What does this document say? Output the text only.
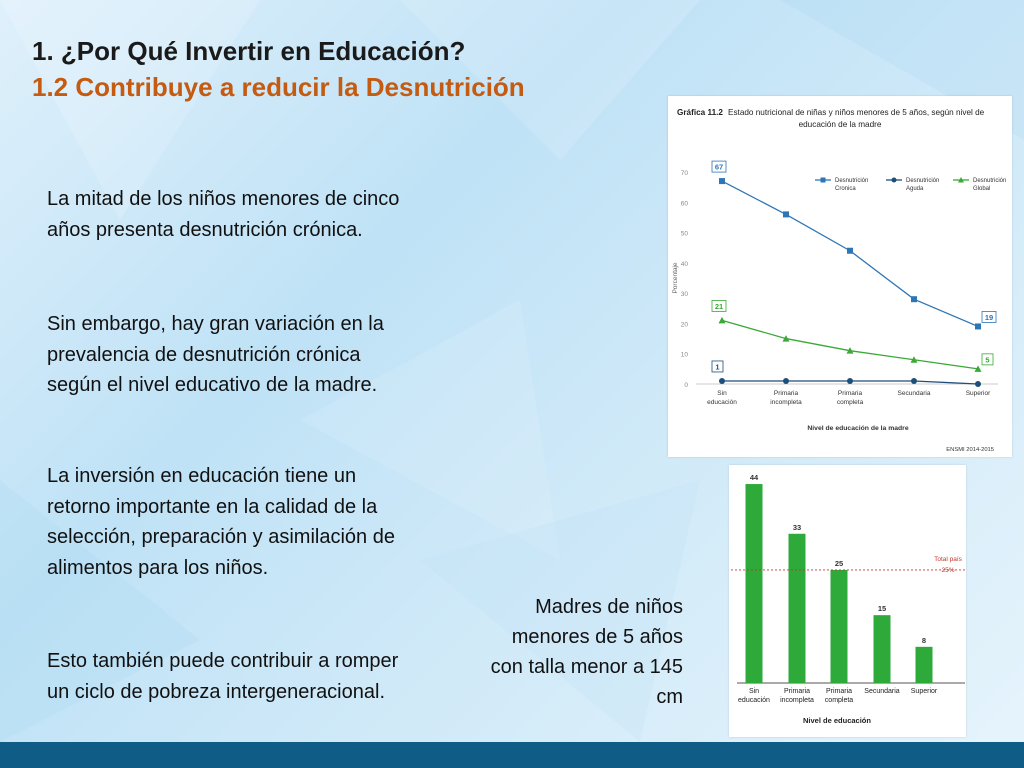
1. ¿Por Qué Invertir en Educación?
1.2 Contribuye a reducir la Desnutrición
La mitad de los niños menores de cinco años presenta desnutrición crónica.
Sin embargo, hay gran variación en la prevalencia de desnutrición crónica según el nivel educativo de la madre.
La inversión en educación tiene un retorno importante en la calidad de la selección, preparación y asimilación de alimentos para los niños.
Esto también puede contribuir a romper un ciclo de pobreza intergeneracional.
Madres de niños menores de 5 años con talla menor a 145 cm
Gráfica 11.2 Estado nutricional de niñas y niños menores de 5 años, según nivel de
educación de la madre
0
10
20
30
40
50
60
70
Porcentaje
67
19
21
5
1
Desnutrición
Cronica
Desnutrición
Aguda
Desnutrición
Global
Sin
educación
Primaria
incompleta
Primaria
completa
Secundaria	Superior
Nivel de educación de la madre
ENSMI 2014-2015
44
33
25
15
8
Total país
25%
Sin
educación
Primaria
incompleta
Primaria
completa
Secundaria Superior
Nivel de educación
